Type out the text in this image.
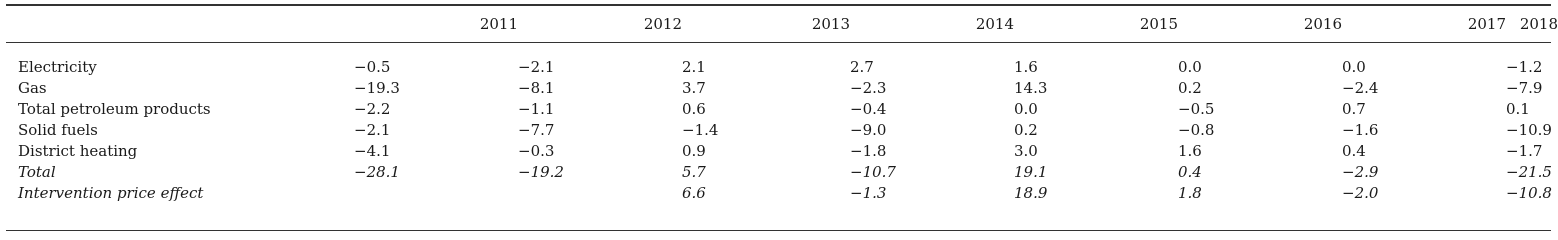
	2011	2012	2013	2014	2015	2016	2017	2018
Electricity	−0.5	−2.1	2.1	2.7	1.6	0.0	0.0	−1.2
Gas	−19.3	−8.1	3.7	−2.3	14.3	0.2	−2.4	−7.9
Total petroleum products	−2.2	−1.1	0.6	−0.4	0.0	−0.5	0.7	0.1
Solid fuels	−2.1	−7.7	−1.4	−9.0	0.2	−0.8	−1.6	−10.9
District heating	−4.1	−0.3	0.9	−1.8	3.0	1.6	0.4	−1.7
Total	−28.1	−19.2	5.7	−10.7	19.1	0.4	−2.9	−21.5
Intervention price effect			6.6	−1.3	18.9	1.8	−2.0	−10.8
